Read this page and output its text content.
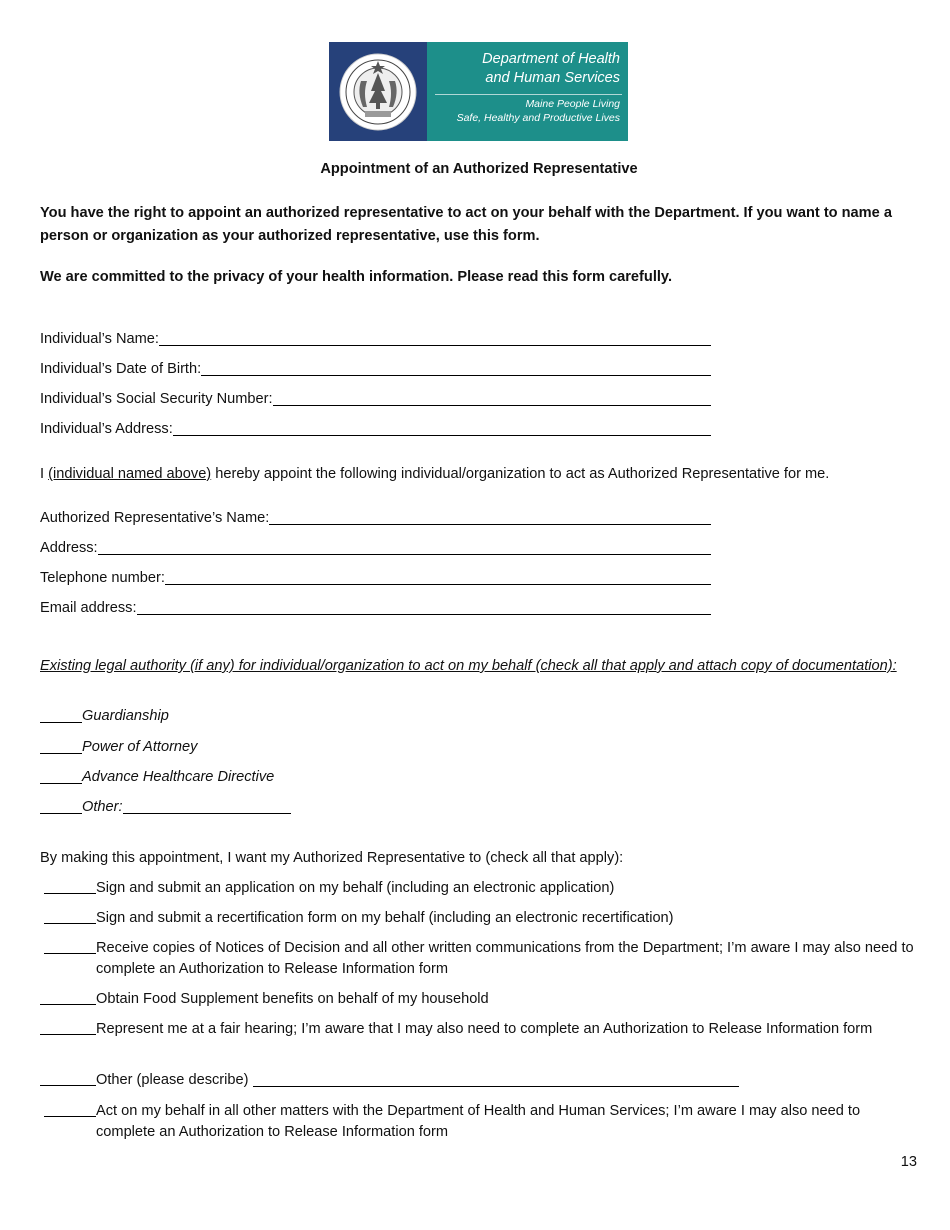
Department of Health
and Human Services
Maine People Living
Safe, Healthy and Productive Lives
Appointment of an Authorized Representative
You have the right to appoint an authorized representative to act on your behalf with the Department. If you want to name a person or organization as your authorized representative, use this form.
We are committed to the privacy of your health information. Please read this form carefully.
Individual’s Name:
Individual’s Date of Birth:
Individual’s Social Security Number:
Individual’s Address:
I (individual named above) hereby appoint the following individual/organization to act as Authorized Representative for me.
Authorized Representative’s Name:
Address:
Telephone number:
Email address:
Existing legal authority (if any) for individual/organization to act on my behalf (check all that apply and attach copy of documentation):
Guardianship
Power of Attorney
Advance Healthcare Directive
Other:
By making this appointment, I want my Authorized Representative to (check all that apply):
Sign and submit an application on my behalf (including an electronic application)
Sign and submit a recertification form on my behalf (including an electronic recertification)
Receive copies of Notices of Decision and all other written communications from the Department; I’m aware I may also need to complete an Authorization to Release Information form
Obtain Food Supplement benefits on behalf of my household
Represent me at a fair hearing; I’m aware that I may also need to complete an Authorization to Release Information form
Other (please describe)
Act on my behalf in all other matters with the Department of Health and Human Services; I’m aware I may also need to complete an Authorization to Release Information form
13
